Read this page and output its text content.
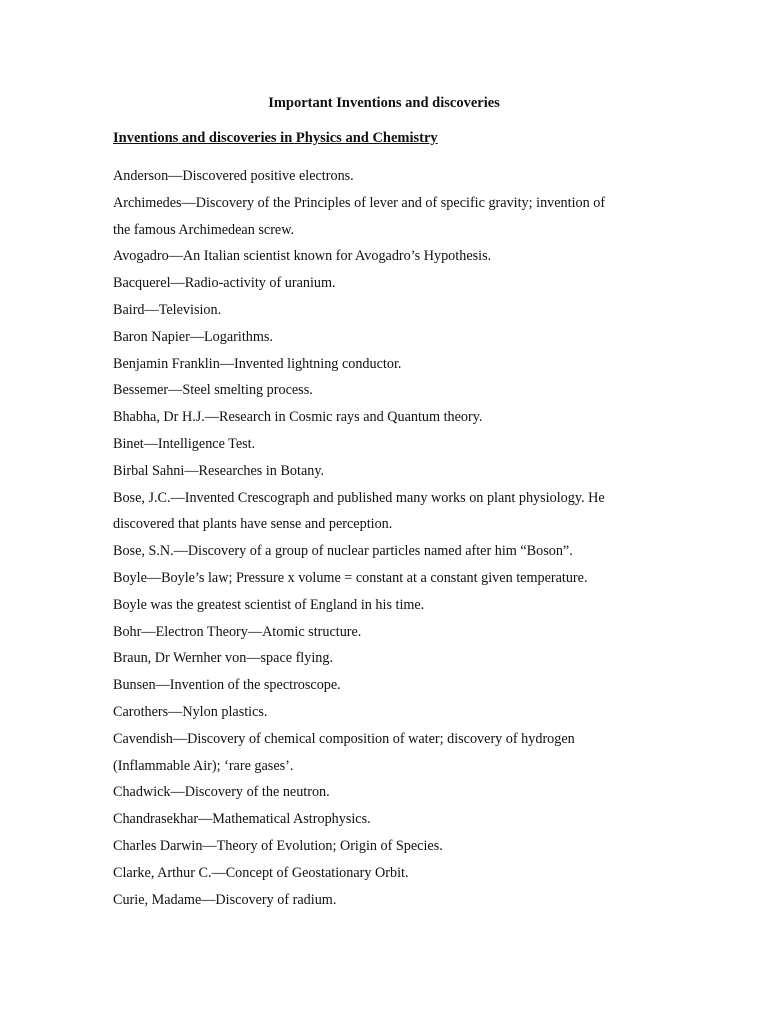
Important Inventions and discoveries
Inventions and discoveries in Physics and Chemistry
Anderson—Discovered positive electrons.
Archimedes—Discovery of the Principles of lever and of specific gravity; invention of
the famous Archimedean screw.
Avogadro—An Italian scientist known for Avogadro’s Hypothesis.
Bacquerel—Radio-activity of uranium.
Baird—Television.
Baron Napier—Logarithms.
Benjamin Franklin—Invented lightning conductor.
Bessemer—Steel smelting process.
Bhabha, Dr H.J.—Research in Cosmic rays and Quantum theory.
Binet—Intelligence Test.
Birbal Sahni—Researches in Botany.
Bose, J.C.—Invented Crescograph and published many works on plant physiology. He
discovered that plants have sense and perception.
Bose, S.N.—Discovery of a group of nuclear particles named after him “Boson”.
Boyle—Boyle’s law; Pressure x volume = constant at a constant given temperature.
Boyle was the greatest scientist of England in his time.
Bohr—Electron Theory—Atomic structure.
Braun, Dr Wernher von—space flying.
Bunsen—Invention of the spectroscope.
Carothers—Nylon plastics.
Cavendish—Discovery of chemical composition of water; discovery of hydrogen
(Inflammable Air); ‘rare gases’.
Chadwick—Discovery of the neutron.
Chandrasekhar—Mathematical Astrophysics.
Charles Darwin—Theory of Evolution; Origin of Species.
Clarke, Arthur C.—Concept of Geostationary Orbit.
Curie, Madame—Discovery of radium.
